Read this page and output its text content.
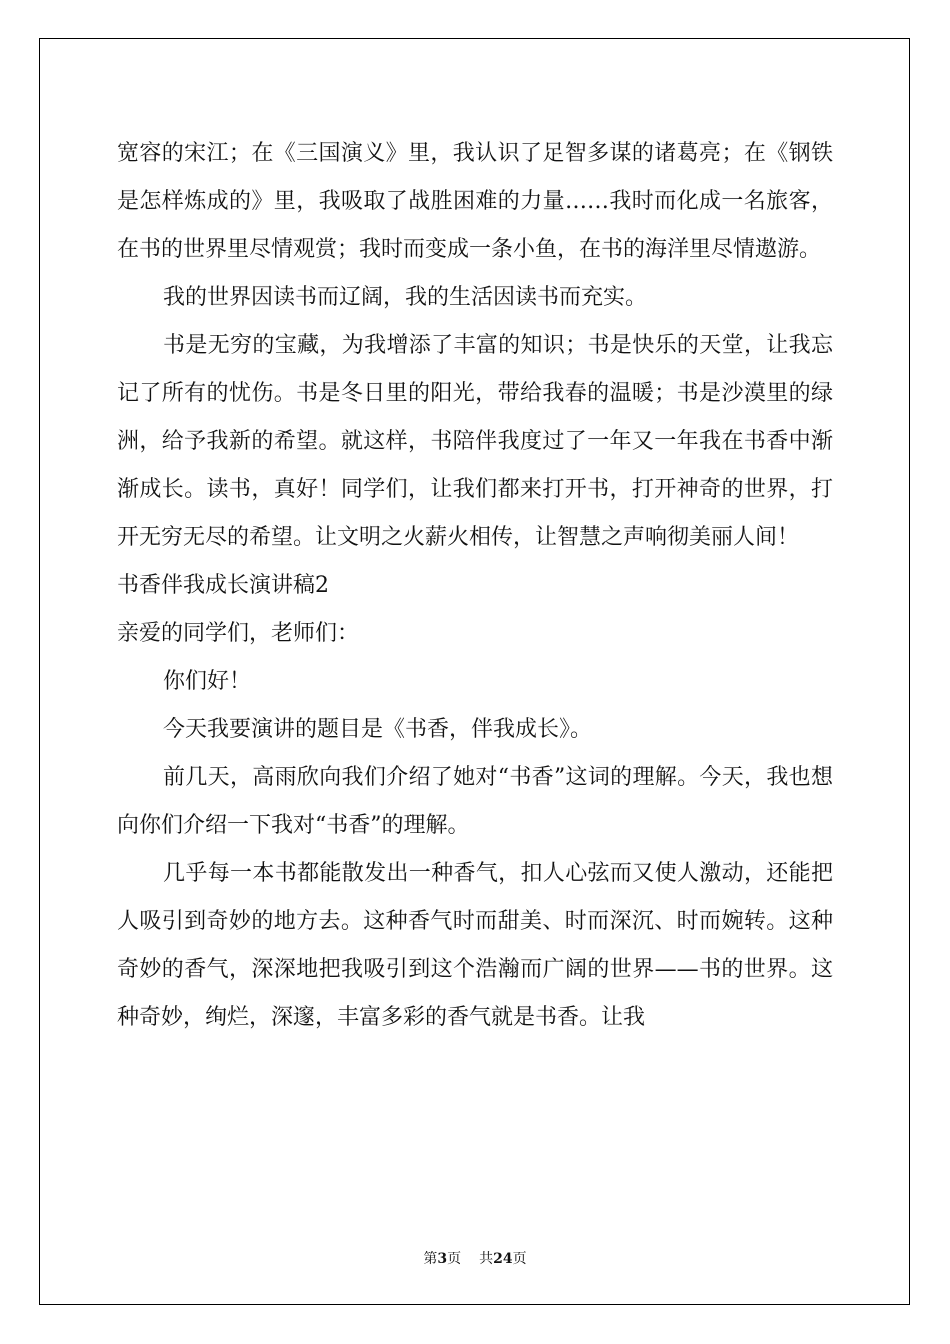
宽容的宋江；在《三国演义》里，我认识了足智多谋的诸葛亮；在《钢铁是怎样炼成的》里，我吸取了战胜困难的力量……我时而化成一名旅客，在书的世界里尽情观赏；我时而变成一条小鱼，在书的海洋里尽情遨游。

我的世界因读书而辽阔，我的生活因读书而充实。

书是无穷的宝藏，为我增添了丰富的知识；书是快乐的天堂，让我忘记了所有的忧伤。书是冬日里的阳光，带给我春的温暖；书是沙漠里的绿洲，给予我新的希望。就这样，书陪伴我度过了一年又一年我在书香中渐渐成长。读书，真好！同学们，让我们都来打开书，打开神奇的世界，打开无穷无尽的希望。让文明之火薪火相传，让智慧之声响彻美丽人间！

书香伴我成长演讲稿2

亲爱的同学们，老师们：

你们好！

今天我要演讲的题目是《书香，伴我成长》。

前几天，高雨欣向我们介绍了她对“书香”这词的理解。今天，我也想向你们介绍一下我对“书香”的理解。

几乎每一本书都能散发出一种香气，扣人心弦而又使人激动，还能把人吸引到奇妙的地方去。这种香气时而甜美、时而深沉、时而婉转。这种奇妙的香气，深深地把我吸引到这个浩瀚而广阔的世界——书的世界。这种奇妙，绚烂，深邃，丰富多彩的香气就是书香。让我

第3页 共24页
